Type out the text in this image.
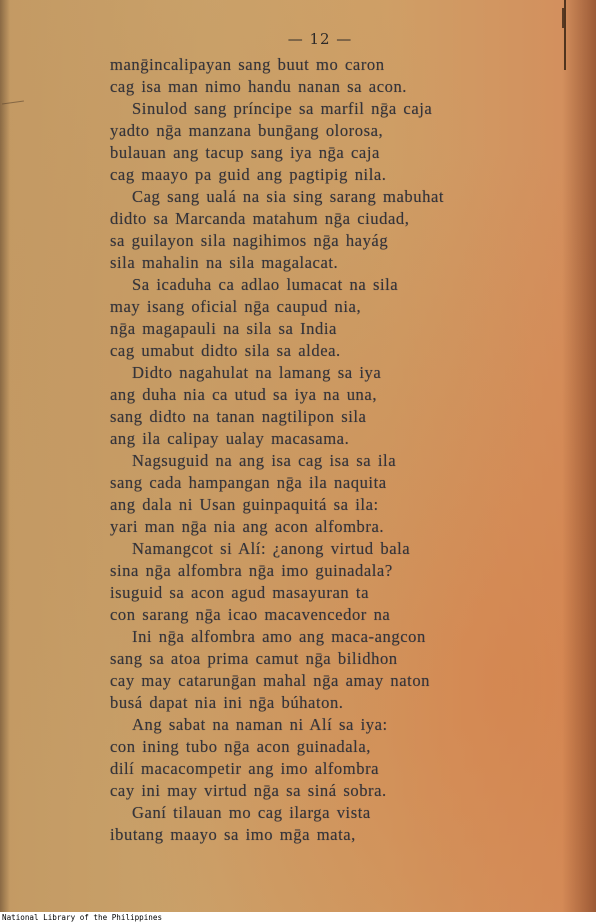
— 12 —
manḡincalipayan sang buut mo caron
cag isa man nimo handu nanan sa acon.
Sinulod sang príncipe sa marfil nḡa caja
yadto nḡa manzana bunḡang olorosa,
bulauan ang tacup sang iya nḡa caja
cag maayo pa guid ang pagtipig nila.
Cag sang ualá na sia sing sarang mabuhat
didto sa Marcanda matahum nḡa ciudad,
sa guilayon sila nagihimos nḡa hayág
sila mahalin na sila magalacat.
Sa icaduha ca adlao lumacat na sila
may isang oficial nḡa caupud nia,
nḡa magapauli na sila sa India
cag umabut didto sila sa aldea.
Didto nagahulat na lamang sa iya
ang duha nia ca utud sa iya na una,
sang didto na tanan nagtilipon sila
ang ila calipay ualay macasama.
Nagsuguid na ang isa cag isa sa ila
sang cada hampangan nḡa ila naquita
ang dala ni Usan guinpaquitá sa ila:
yari man nḡa nia ang acon alfombra.
Namangcot si Alí: ¿anong virtud bala
sina nḡa alfombra nḡa imo guinadala?
isuguid sa acon agud masayuran ta
con sarang nḡa icao macavencedor na
Ini nḡa alfombra amo ang maca-angcon
sang sa atoa prima camut nḡa bilidhon
cay may catarunḡan mahal nḡa amay naton
busá dapat nia ini nḡa búhaton.
Ang sabat na naman ni Alí sa iya:
con ining tubo nḡa acon guinadala,
dilí macacompetir ang imo alfombra
cay ini may virtud nḡa sa siná sobra.
Ganí tilauan mo cag ilarga vista
ibutang maayo sa imo mḡa mata,
National Library of the Philippines
